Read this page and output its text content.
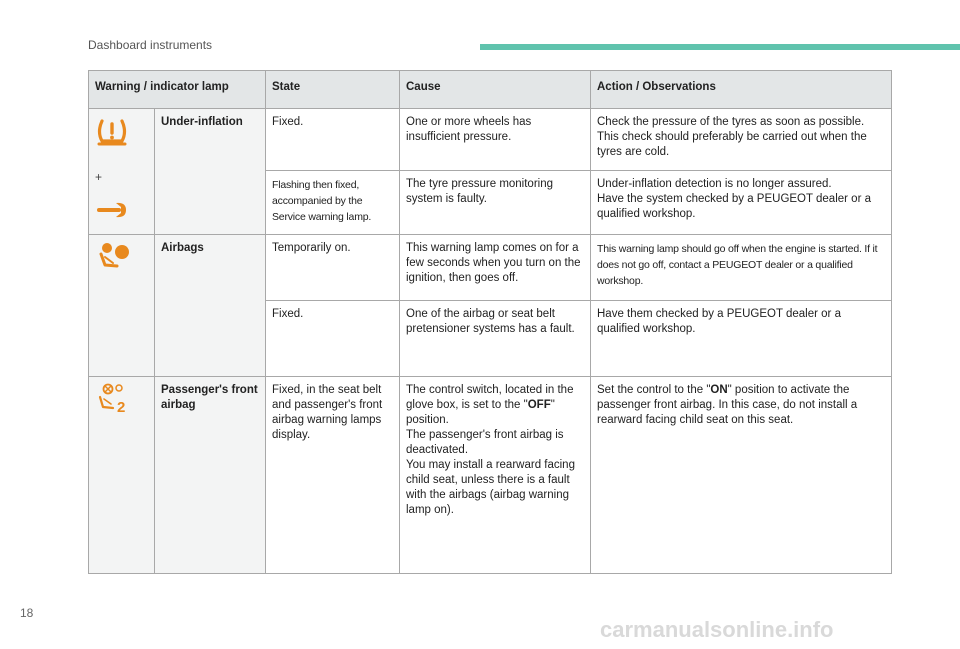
Dashboard instruments
Warning / indicator lamp		State	Cause	Action / Observations

+	Under-inflation	Fixed.	One or more wheels has insufficient pressure.	Check the pressure of the tyres as soon as possible. This check should preferably be carried out when the tyres are cold.
		Flashing then fixed, accompanied by the Service warning lamp.	The tyre pressure monitoring system is faulty.	Under-inflation detection is no longer assured.
Have the system checked by a PEUGEOT dealer or a qualified workshop.

	Airbags	Temporarily on.	This warning lamp comes on for a few seconds when you turn on the ignition, then goes off.	This warning lamp should go off when the engine is started. If it does not go off, contact a PEUGEOT dealer or a qualified workshop.
		Fixed.	One of the airbag or seat belt pretensioner systems has a fault.	Have them checked by a PEUGEOT dealer or a qualified workshop.

2	Passenger's front airbag	Fixed, in the seat belt and passenger's front airbag warning lamps display.	The control switch, located in the glove box, is set to the "OFF" position.
The passenger's front airbag is deactivated.
You may install a rearward facing child seat, unless there is a fault with the airbags (airbag warning lamp on).	Set the control to the "ON" position to activate the passenger front airbag. In this case, do not install a rearward facing child seat on this seat.
18
carmanualsonline.info
